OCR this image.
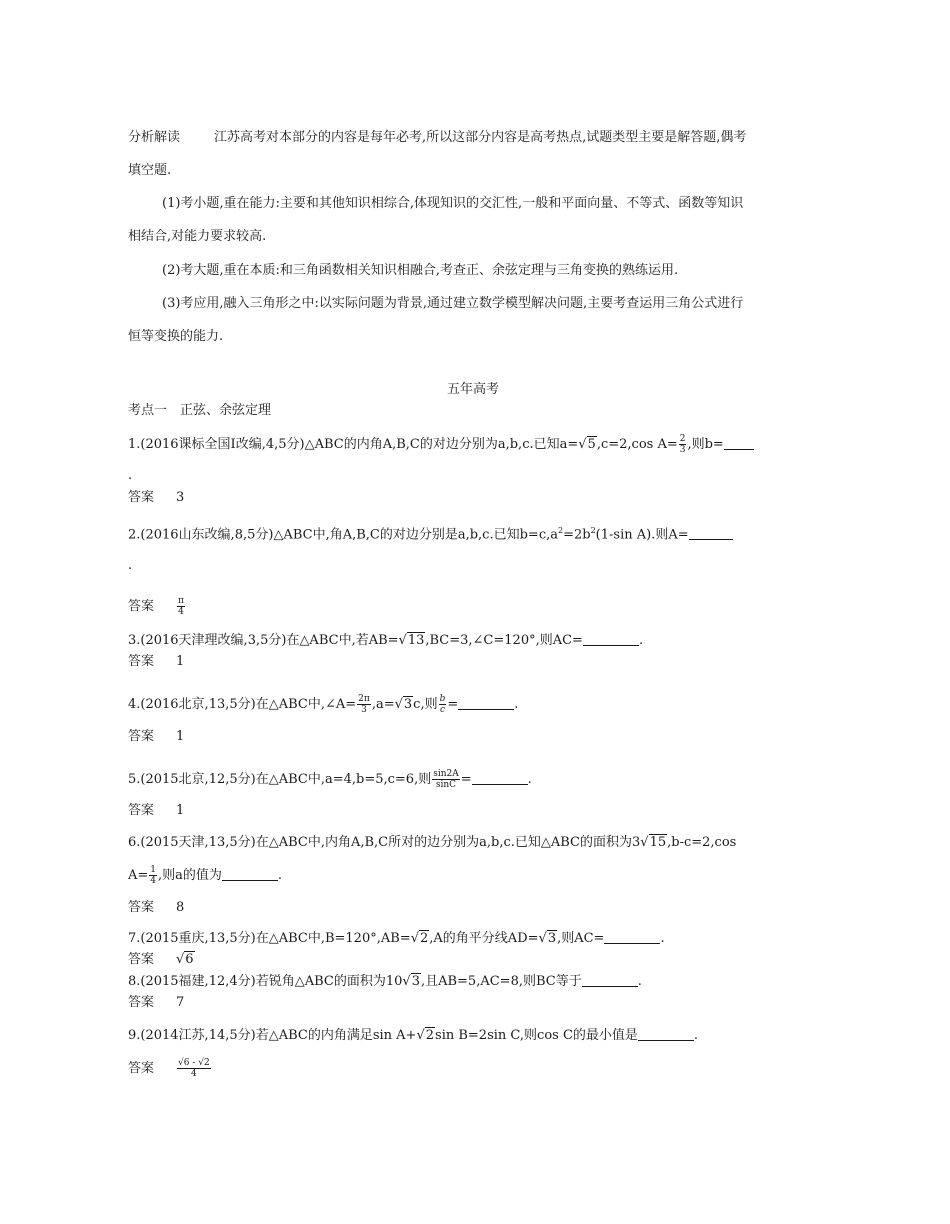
分析解读	江苏高考对本部分的内容是每年必考,所以这部分内容是高考热点,试题类型主要是解答题,偶考
填空题.
(1)考小题,重在能力:主要和其他知识相综合,体现知识的交汇性,一般和平面向量、不等式、函数等知识
相结合,对能力要求较高.
(2)考大题,重在本质:和三角函数相关知识相融合,考查正、余弦定理与三角变换的熟练运用.
(3)考应用,融入三角形之中:以实际问题为背景,通过建立数学模型解决问题,主要考查运用三角公式进行
恒等变换的能力.
五年高考
考点一　正弦、余弦定理
1.(2016课标全国Ⅰ改编,4,5分)△ABC的内角A,B,C的对边分别为a,b,c.已知a=√5,c=2,cos $A= \frac{2}{3}$ ,则b=
.
答案 3
2.(2016山东改编,8,5分)△ABC中,角A,B,C的对边分别是a,b,c.已知$b=c,a^2=2b^2(1-\sin$ A).则A=
.
答案	$\frac{\pi}{4}$
3.(2016天津理改编,3,5分)在△ABC中,若AB=√13,BC=3,∠C=120°,则AC=	.
答案 1
4.(2016北京,13,5分)在△ABC中,∠A= $\frac{2\pi}{3} ,a=√3c$,则 $\frac{b}{c}$ =	.
答案 1
5.(2015北京,12,5分)在△ABC中,a=4,b=5,c=6,则 $\frac{\sin 2A}{\sin C}$ =	.
答案 1
6.(2015天津,13,5分)在△ABC中,内角A,B,C所对的边分别为a,b,c.已知△ABC的面积为3√15,b-c=2,cos
$A= \frac{1}{4}$ ,则a的值为	.
答案 8
7.(2015重庆,13,5分)在△ABC中,B=120°,AB=√2,A的角平分线AD=√3,则AC=	.
答案 √6
8.(2015福建,12,4分)若锐角△ABC的面积为10√3,且AB=5,AC=8,则BC等于	.
答案 7
9.(2014江苏,14,5分)若△ABC的内角满足sin A+√2sin B=2sin C,则cos C的最小值是	.
答案	$\frac{√6 - √2}{4}$
